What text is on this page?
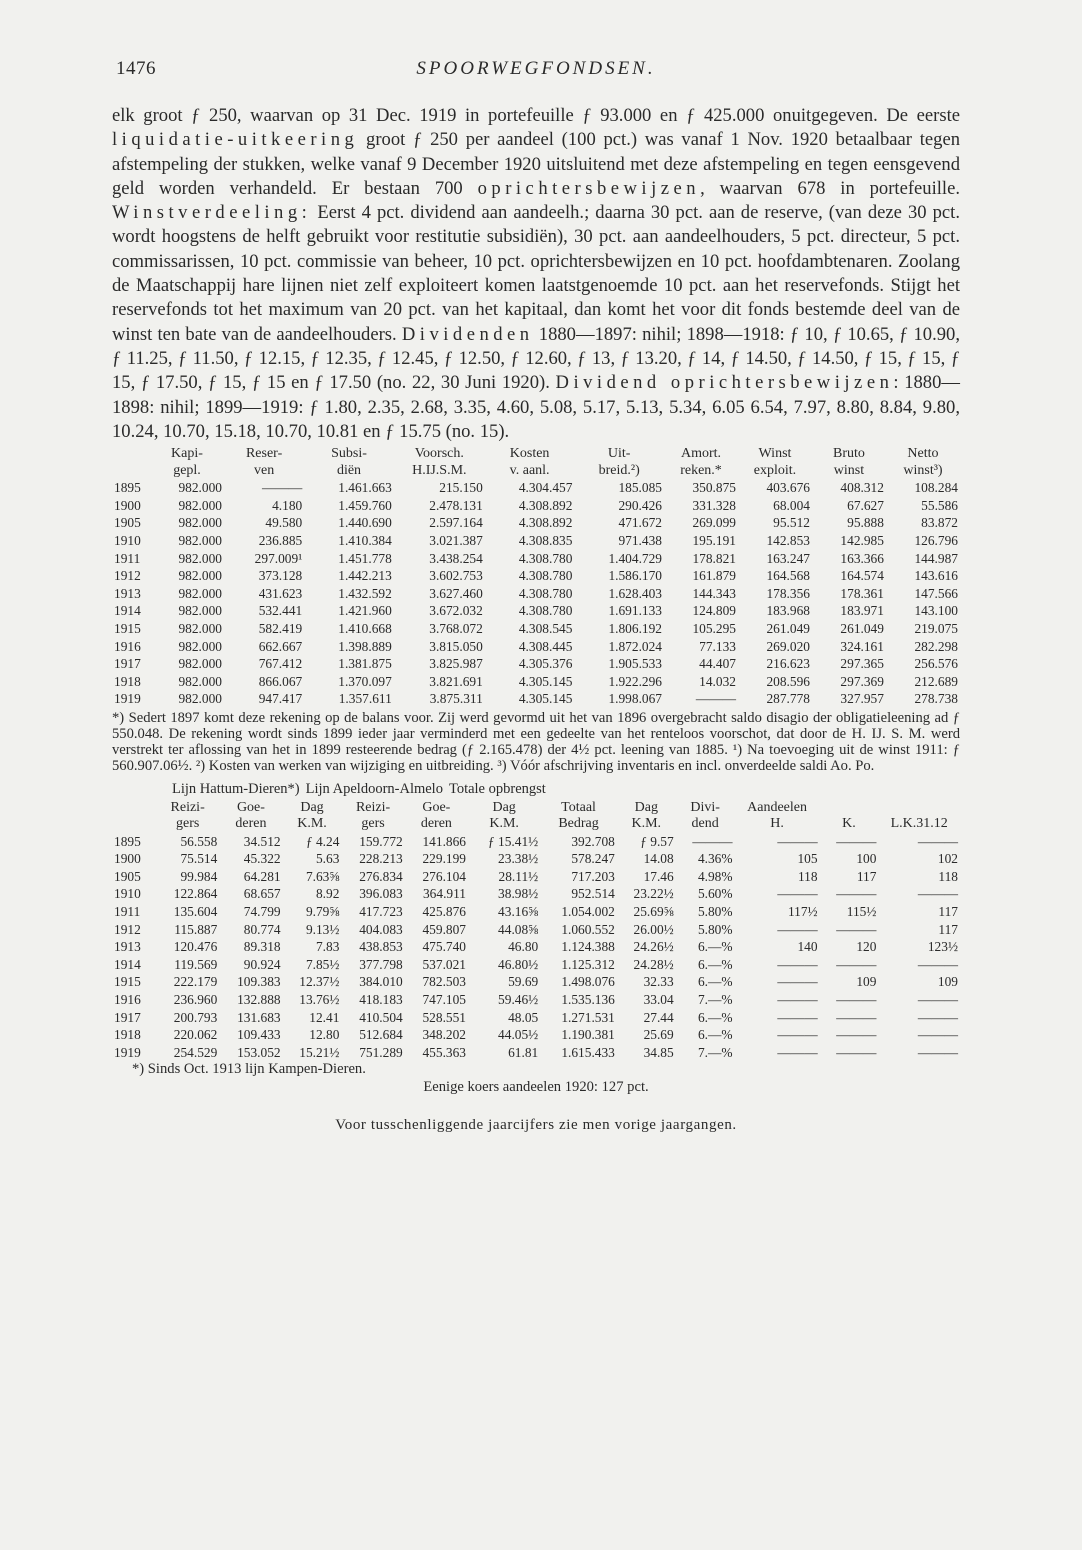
1476	SPOORWEGFONDSEN.
elk groot ƒ 250, waarvan op 31 Dec. 1919 in portefeuille ƒ 93.000 en ƒ 425.000 onuitgegeven. De eerste liquidatie-uitkeering groot ƒ 250 per aandeel (100 pct.) was vanaf 1 Nov. 1920 betaalbaar tegen afstempeling der stukken, welke vanaf 9 December 1920 uitsluitend met deze afstempeling en tegen eensgevend geld worden verhandeld. Er bestaan 700 oprichtersbewijzen, waarvan 678 in portefeuille. Winstverdeeling: Eerst 4 pct. dividend aan aandeelh.; daarna 30 pct. aan de reserve, (van deze 30 pct. wordt hoogstens de helft gebruikt voor restitutie subsidiën), 30 pct. aan aandeelhouders, 5 pct. directeur, 5 pct. commissarissen, 10 pct. commissie van beheer, 10 pct. oprichtersbewijzen en 10 pct. hoofdambtenaren. Zoolang de Maatschappij hare lijnen niet zelf exploiteert komen laatstgenoemde 10 pct. aan het reservefonds. Stijgt het reservefonds tot het maximum van 20 pct. van het kapitaal, dan komt het voor dit fonds bestemde deel van de winst ten bate van de aandeelhouders. Dividenden 1880—1897: nihil; 1898—1918: ƒ 10, ƒ 10.65, ƒ 10.90, ƒ 11.25, ƒ 11.50, ƒ 12.15, ƒ 12.35, ƒ 12.45, ƒ 12.50, ƒ 12.60, ƒ 13, ƒ 13.20, ƒ 14, ƒ 14.50, ƒ 14.50, ƒ 15, ƒ 15, ƒ 15, ƒ 17.50, ƒ 15, ƒ 15 en ƒ 17.50 (no. 22, 30 Juni 1920). Dividend oprichtersbewijzen: 1880—1898: nihil; 1899—1919: ƒ 1.80, 2.35, 2.68, 3.35, 4.60, 5.08, 5.17, 5.13, 5.34, 6.05 6.54, 7.97, 8.80, 8.84, 9.80, 10.24, 10.70, 15.18, 10.70, 10.81 en ƒ 15.75 (no. 15).
	Kapi-	Reser-	Subsi-	Voorsch.	Kosten	Uit-	Amort.	Winst	Bruto	Netto
	gepl.	ven	diën	H.IJ.S.M.	v. aanl.	breid.²)	reken.*	exploit.	winst	winst³)
1895	982.000	———	1.461.663	215.150	4.304.457	185.085	350.875	403.676	408.312	108.284
1900	982.000	4.180	1.459.760	2.478.131	4.308.892	290.426	331.328	68.004	67.627	55.586
1905	982.000	49.580	1.440.690	2.597.164	4.308.892	471.672	269.099	95.512	95.888	83.872
1910	982.000	236.885	1.410.384	3.021.387	4.308.835	971.438	195.191	142.853	142.985	126.796
1911	982.000	297.009¹	1.451.778	3.438.254	4.308.780	1.404.729	178.821	163.247	163.366	144.987
1912	982.000	373.128	1.442.213	3.602.753	4.308.780	1.586.170	161.879	164.568	164.574	143.616
1913	982.000	431.623	1.432.592	3.627.460	4.308.780	1.628.403	144.343	178.356	178.361	147.566
1914	982.000	532.441	1.421.960	3.672.032	4.308.780	1.691.133	124.809	183.968	183.971	143.100
1915	982.000	582.419	1.410.668	3.768.072	4.308.545	1.806.192	105.295	261.049	261.049	219.075
1916	982.000	662.667	1.398.889	3.815.050	4.308.445	1.872.024	77.133	269.020	324.161	282.298
1917	982.000	767.412	1.381.875	3.825.987	4.305.376	1.905.533	44.407	216.623	297.365	256.576
1918	982.000	866.067	1.370.097	3.821.691	4.305.145	1.922.296	14.032	208.596	297.369	212.689
1919	982.000	947.417	1.357.611	3.875.311	4.305.145	1.998.067	———	287.778	327.957	278.738
*) Sedert 1897 komt deze rekening op de balans voor. Zij werd gevormd uit het van 1896 overgebracht saldo disagio der obligatieleening ad ƒ 550.048. De rekening wordt sinds 1899 ieder jaar verminderd met een gedeelte van het renteloos voorschot, dat door de H. IJ. S. M. werd verstrekt ter aflossing van het in 1899 resteerende bedrag (ƒ 2.165.478) der 4½ pct. leening van 1885. ¹) Na toevoeging uit de winst 1911: ƒ 560.907.06½. ²) Kosten van werken van wijziging en uitbreiding. ³) Vóór afschrijving inventaris en incl. onverdeelde saldi Ao. Po.
Lijn Hattum-Dieren*) Lijn Apeldoorn-Almelo Totale opbrengst
	Reizi-	Goe-	Dag	Reizi-	Goe-	Dag	Totaal	Dag	Divi-	Aandeelen		
	gers	deren	K.M.	gers	deren	K.M.	Bedrag	K.M.	dend	H.	K.	L.K.31.12
1895	56.558	34.512	ƒ 4.24	159.772	141.866	ƒ 15.41½	392.708	ƒ 9.57	———	———	———	———
1900	75.514	45.322	5.63	228.213	229.199	23.38½	578.247	14.08	4.36%	105	100	102
1905	99.984	64.281	7.63⅝	276.834	276.104	28.11½	717.203	17.46	4.98%	118	117	118
1910	122.864	68.657	8.92	396.083	364.911	38.98½	952.514	23.22½	5.60%	———	———	———
1911	135.604	74.799	9.79⅝	417.723	425.876	43.16⅝	1.054.002	25.69⅝	5.80%	117½	115½	117
1912	115.887	80.774	9.13½	404.083	459.807	44.08⅝	1.060.552	26.00½	5.80%	———	———	117
1913	120.476	89.318	7.83	438.853	475.740	46.80	1.124.388	24.26½	6.—%	140	120	123½
1914	119.569	90.924	7.85½	377.798	537.021	46.80½	1.125.312	24.28½	6.—%	———	———	———
1915	222.179	109.383	12.37½	384.010	782.503	59.69	1.498.076	32.33	6.—%	———	109	109
1916	236.960	132.888	13.76½	418.183	747.105	59.46½	1.535.136	33.04	7.—%	———	———	———
1917	200.793	131.683	12.41	410.504	528.551	48.05	1.271.531	27.44	6.—%	———	———	———
1918	220.062	109.433	12.80	512.684	348.202	44.05½	1.190.381	25.69	6.—%	———	———	———
1919	254.529	153.052	15.21½	751.289	455.363	61.81	1.615.433	34.85	7.—%	———	———	———
*) Sinds Oct. 1913 lijn Kampen-Dieren.
Eenige koers aandeelen 1920: 127 pct.
Voor tusschenliggende jaarcijfers zie men vorige jaargangen.
